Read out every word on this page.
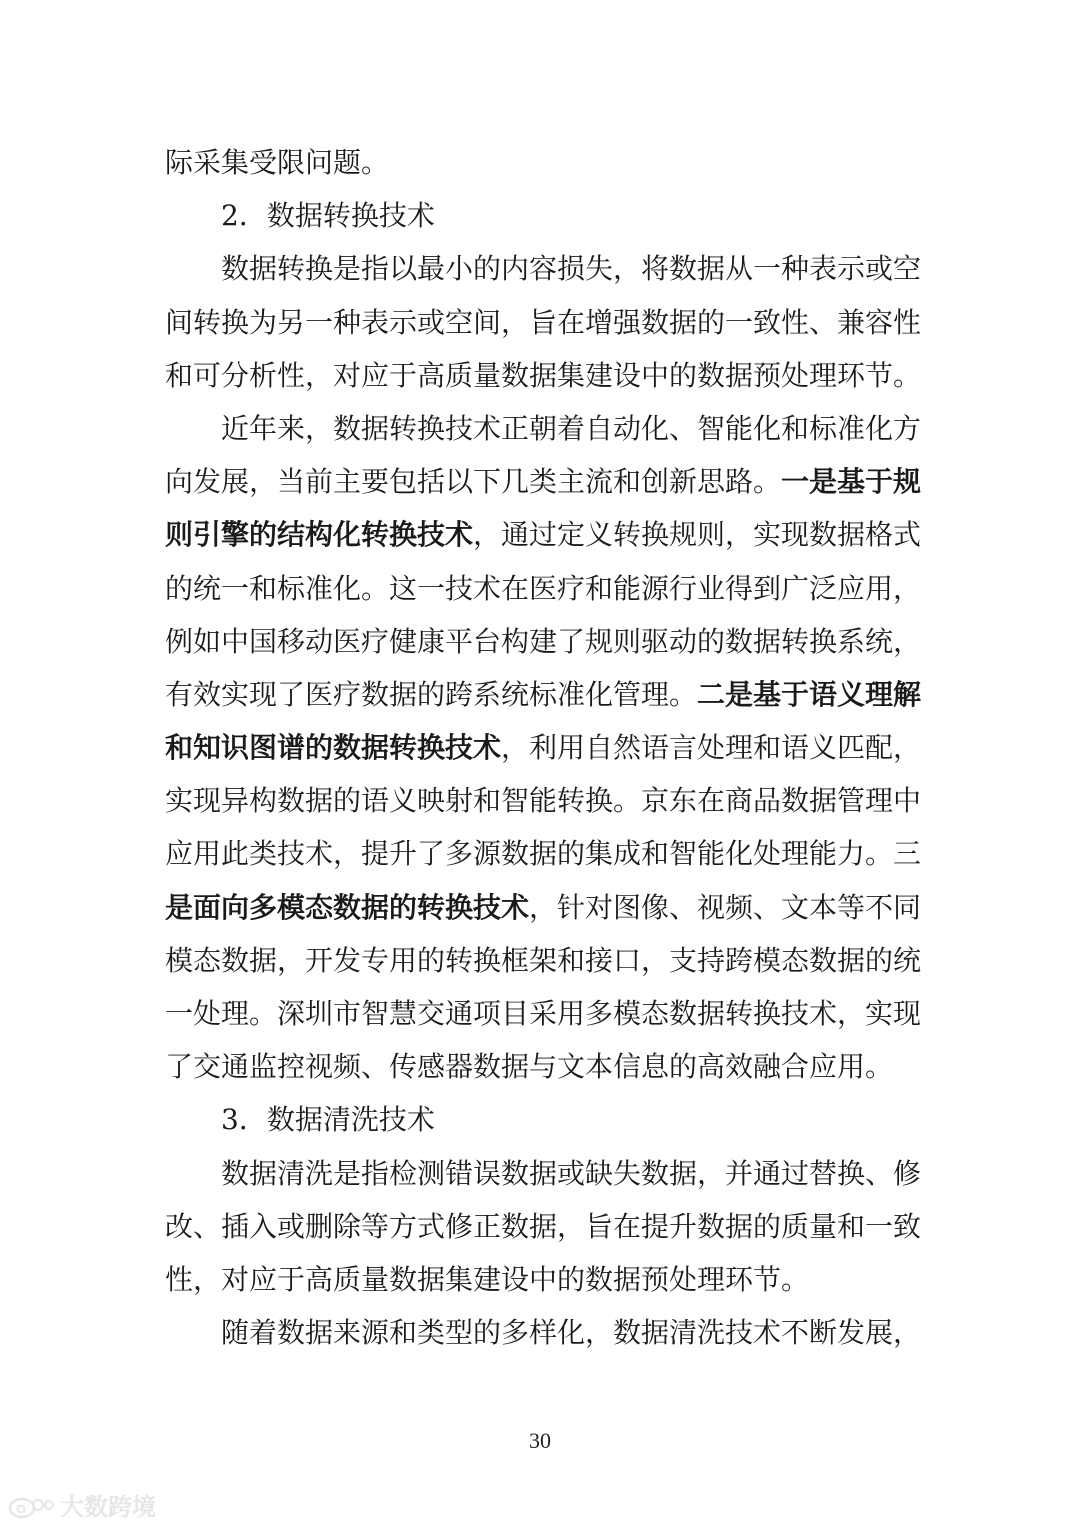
际采集受限问题。
2．数据转换技术
数据转换是指以最小的内容损失，将数据从一种表示或空
间转换为另一种表示或空间，旨在增强数据的一致性、兼容性
和可分析性，对应于高质量数据集建设中的数据预处理环节。
近年来，数据转换技术正朝着自动化、智能化和标准化方
向发展，当前主要包括以下几类主流和创新思路。一是基于规
则引擎的结构化转换技术，通过定义转换规则，实现数据格式
的统一和标准化。这一技术在医疗和能源行业得到广泛应用，
例如中国移动医疗健康平台构建了规则驱动的数据转换系统，
有效实现了医疗数据的跨系统标准化管理。二是基于语义理解
和知识图谱的数据转换技术，利用自然语言处理和语义匹配，
实现异构数据的语义映射和智能转换。京东在商品数据管理中
应用此类技术，提升了多源数据的集成和智能化处理能力。三
是面向多模态数据的转换技术，针对图像、视频、文本等不同
模态数据，开发专用的转换框架和接口，支持跨模态数据的统
一处理。深圳市智慧交通项目采用多模态数据转换技术，实现
了交通监控视频、传感器数据与文本信息的高效融合应用。
3．数据清洗技术
数据清洗是指检测错误数据或缺失数据，并通过替换、修
改、插入或删除等方式修正数据，旨在提升数据的质量和一致
性，对应于高质量数据集建设中的数据预处理环节。
随着数据来源和类型的多样化，数据清洗技术不断发展，
30
大数跨境
